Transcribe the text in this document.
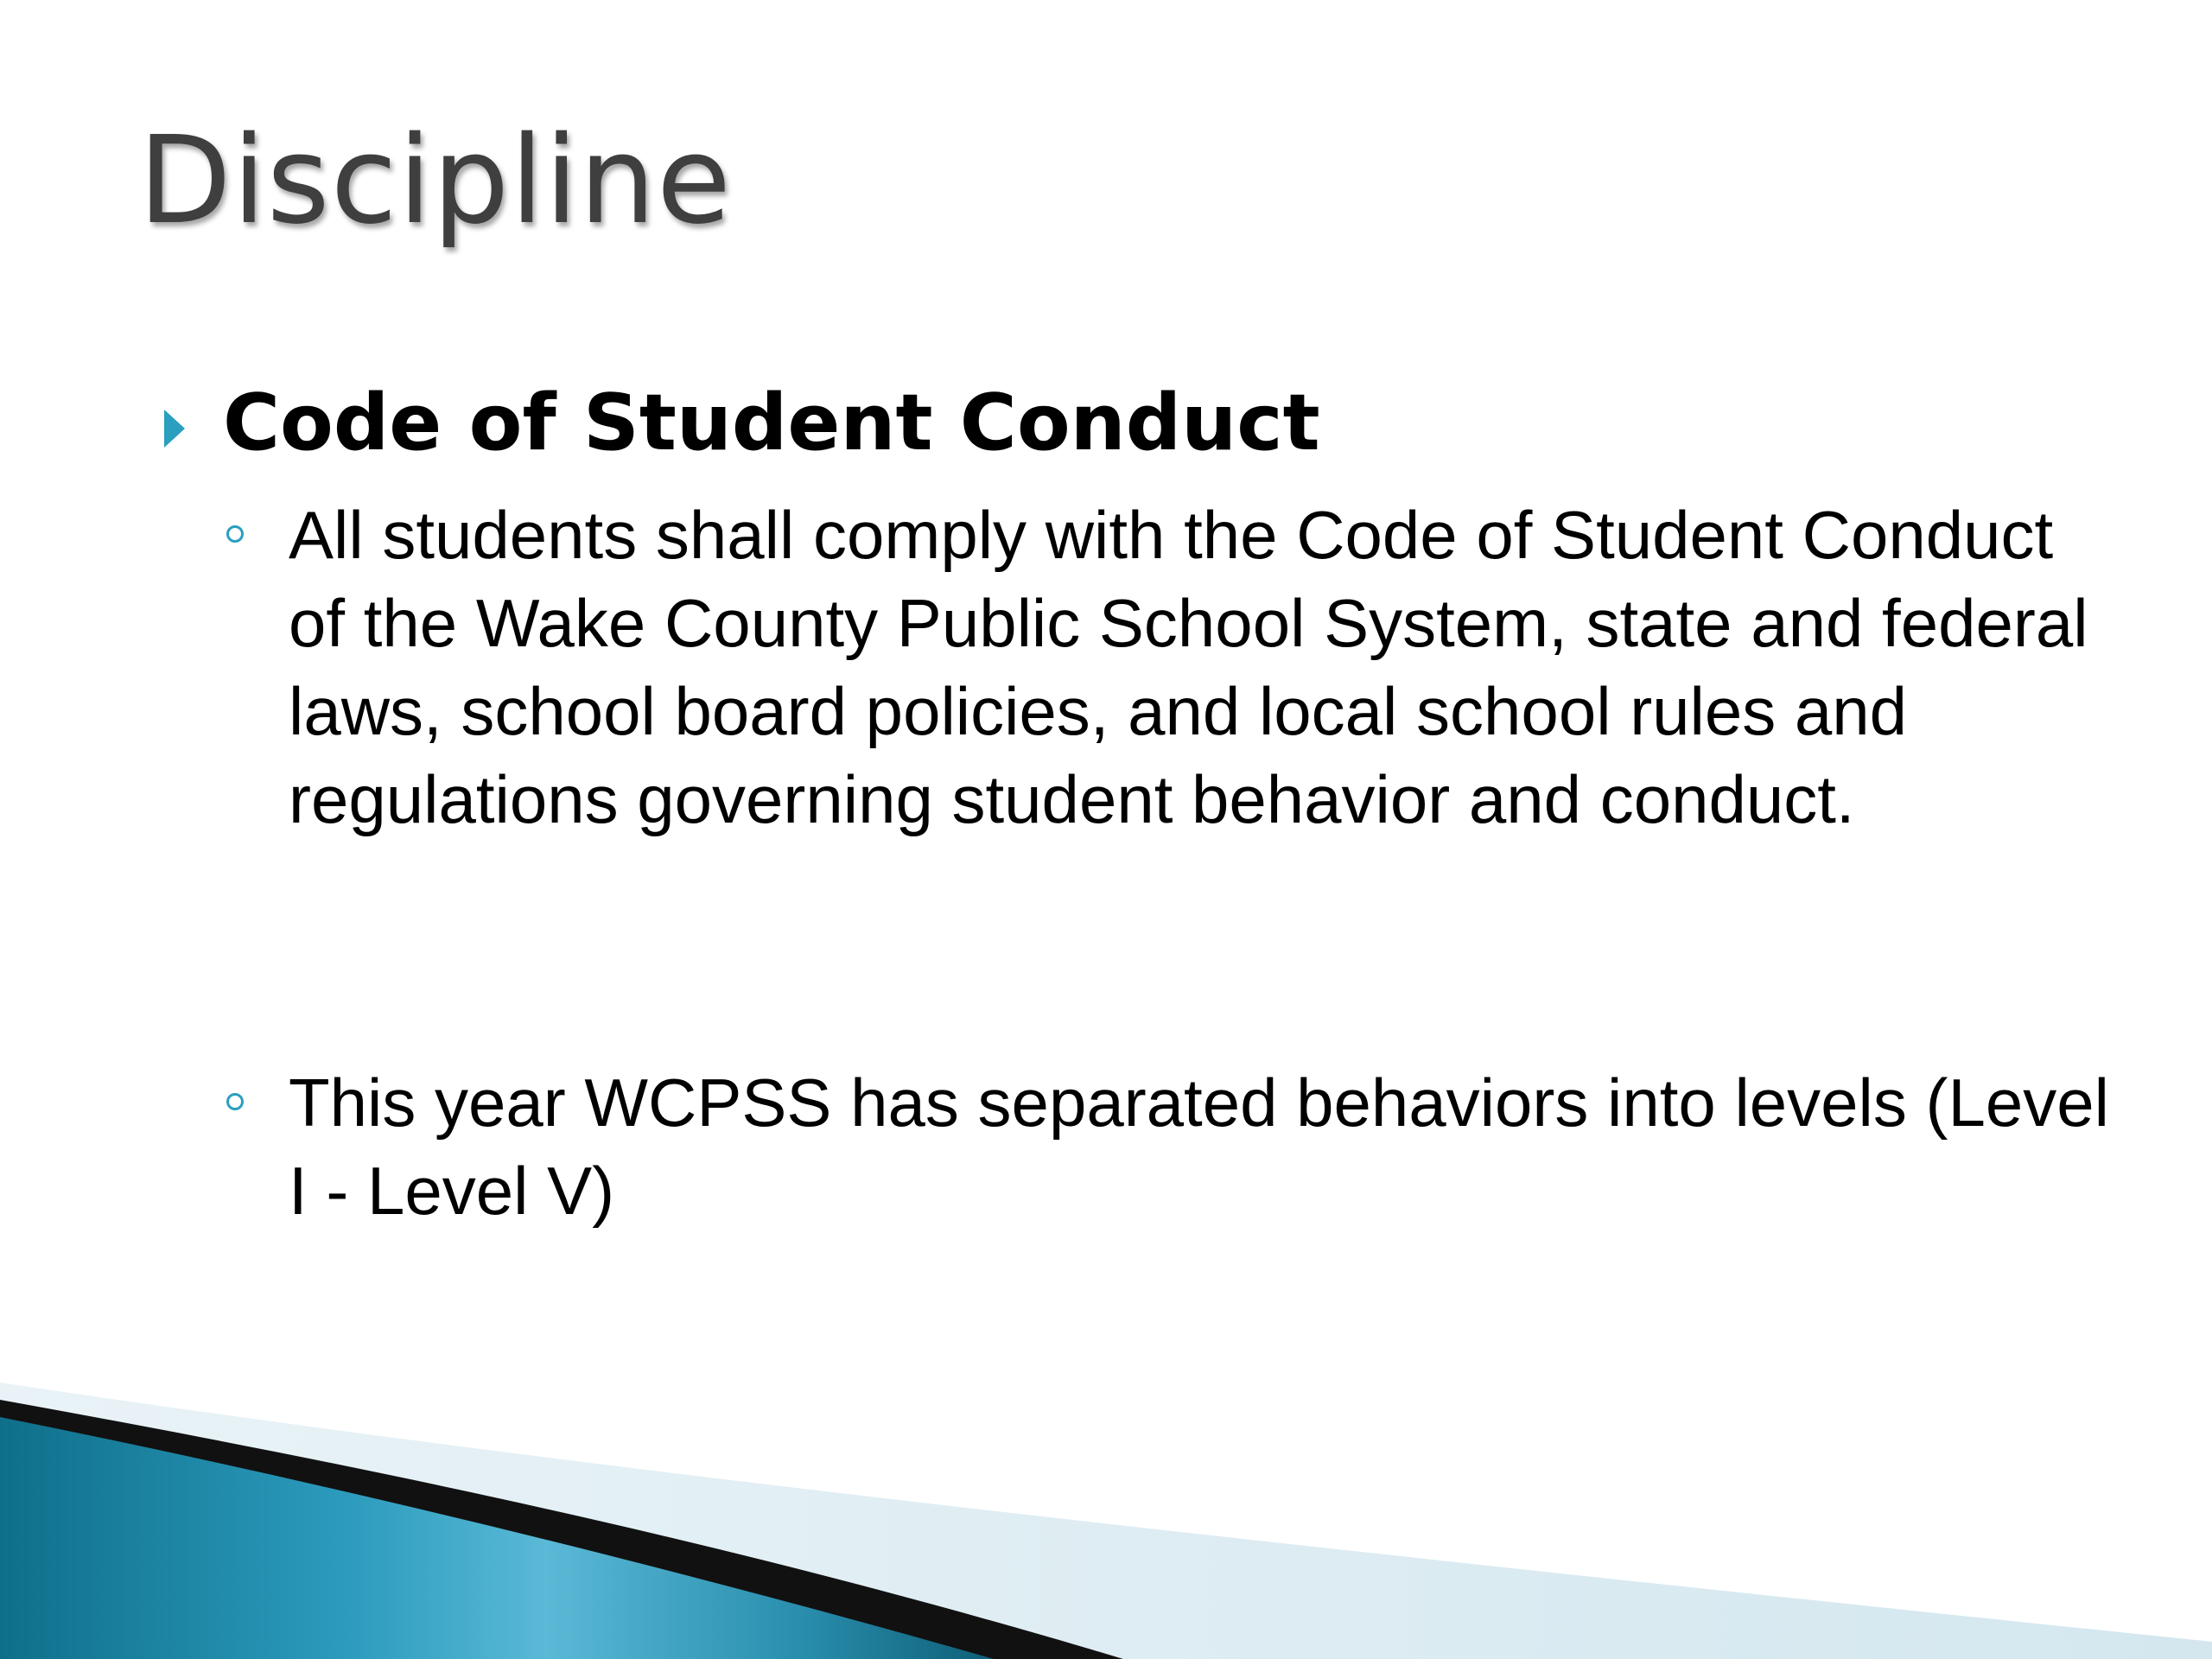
Discipline
Code of Student Conduct
All students shall comply with the Code of Student Conduct of the Wake County Public School System, state and federal laws, school board policies, and local school rules and regulations governing student behavior and conduct.
This year WCPSS has separated behaviors into levels (Level I - Level V)
